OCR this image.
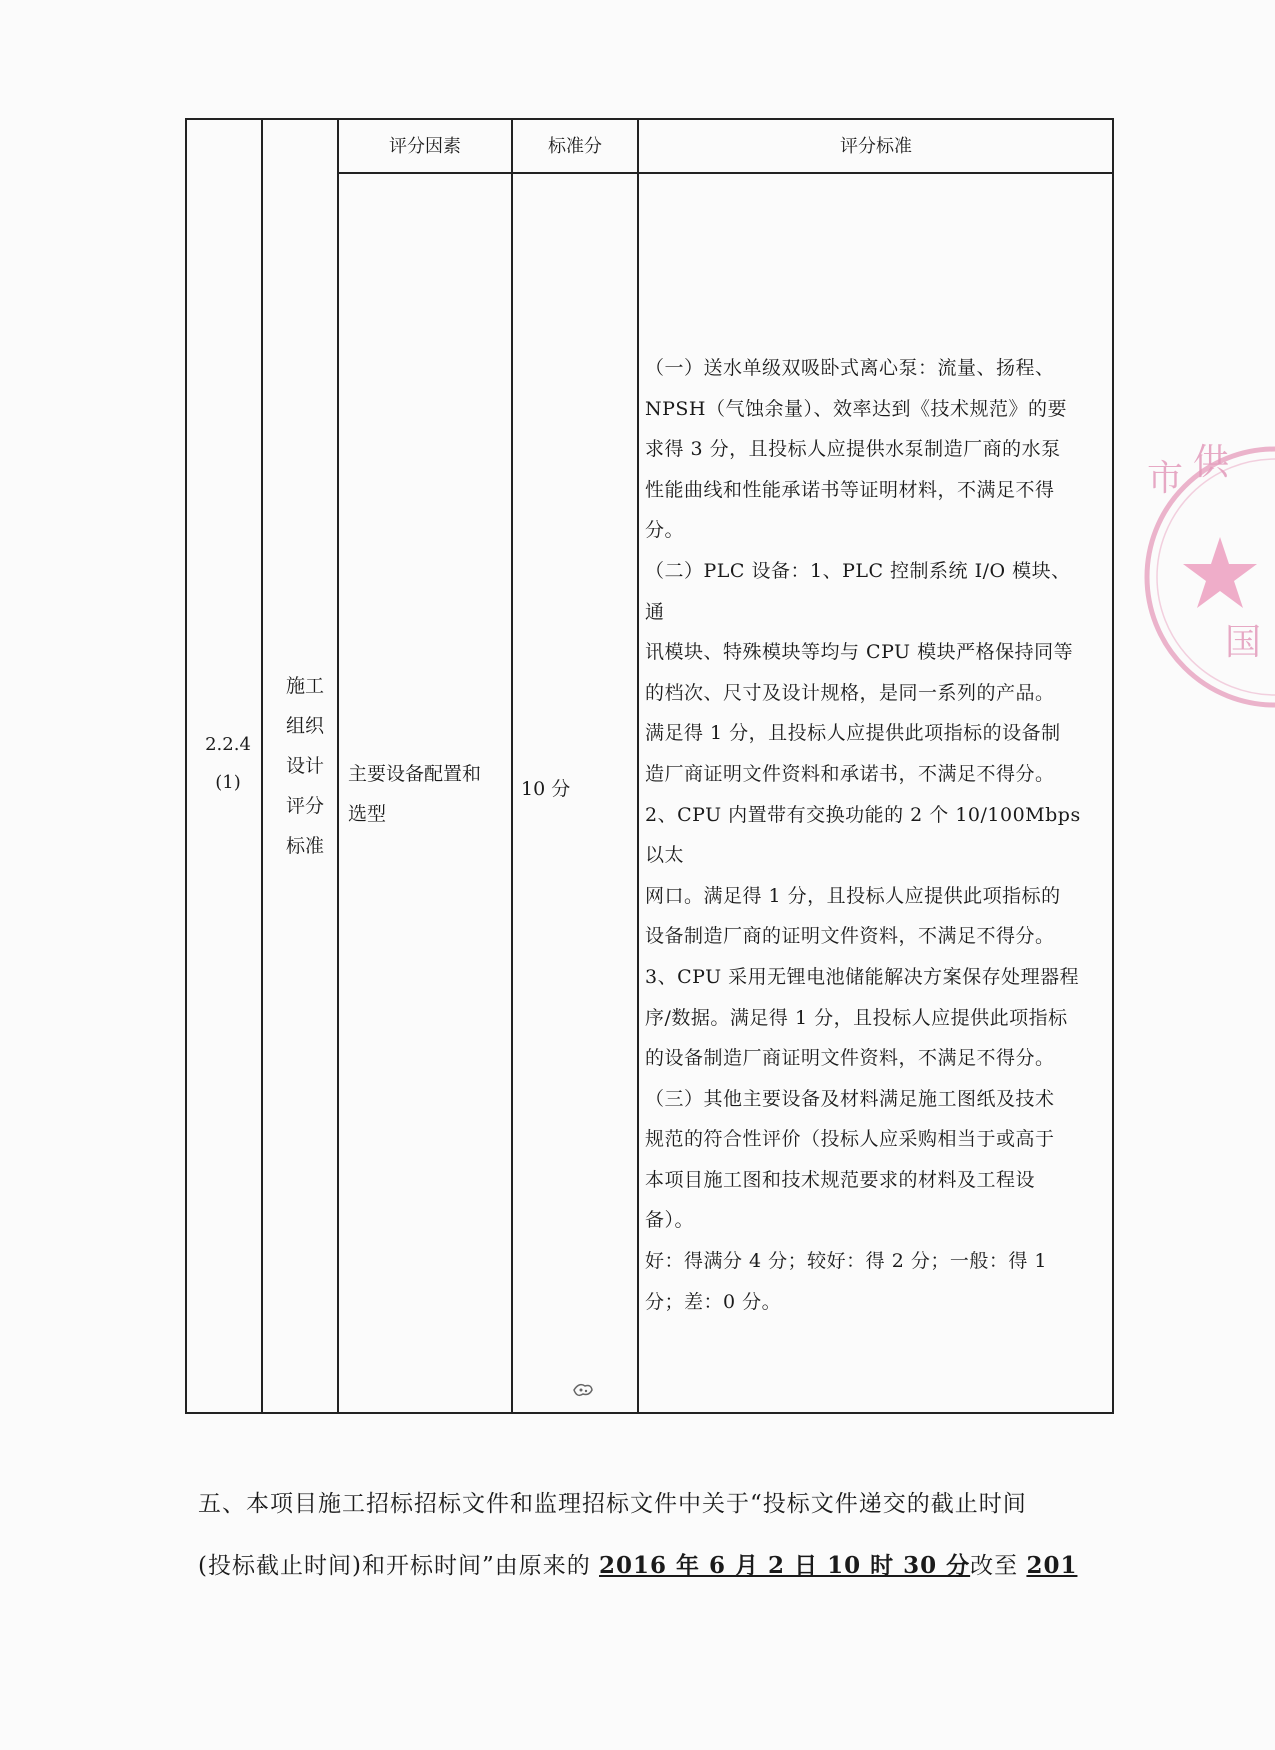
评分因素	标准分	评分标准
2.2.4
(1)
施工
组织
设计
评分
标准
主要设备配置和
选型
10 分

（一）送水单级双吸卧式离心泵：流量、扬程、

NPSH（气蚀余量）、效率达到《技术规范》的要

求得 3 分，且投标人应提供水泵制造厂商的水泵

性能曲线和性能承诺书等证明材料，不满足不得

分。

（二）PLC 设备：1、PLC 控制系统 I/O 模块、通

讯模块、特殊模块等均与 CPU 模块严格保持同等

的档次、尺寸及设计规格，是同一系列的产品。

满足得 1 分，且投标人应提供此项指标的设备制

造厂商证明文件资料和承诺书，不满足不得分。

2、CPU 内置带有交换功能的 2 个 10/100Mbps 以太

网口。满足得 1 分，且投标人应提供此项指标的

设备制造厂商的证明文件资料，不满足不得分。

3、CPU 采用无锂电池储能解决方案保存处理器程

序/数据。满足得 1 分，且投标人应提供此项指标

的设备制造厂商证明文件资料，不满足不得分。

（三）其他主要设备及材料满足施工图纸及技术

规范的符合性评价（投标人应采购相当于或高于

本项目施工图和技术规范要求的材料及工程设

备）。

好：得满分 4 分；较好：得 2 分；一般：得 1

分；差：0 分。

五、本项目施工招标招标文件和监理招标文件中关于“投标文件递交的截止时间

(投标截止时间)和开标时间”由原来的 2016 年 6 月 2 日 10 时 30 分改至 201

市 供
国
